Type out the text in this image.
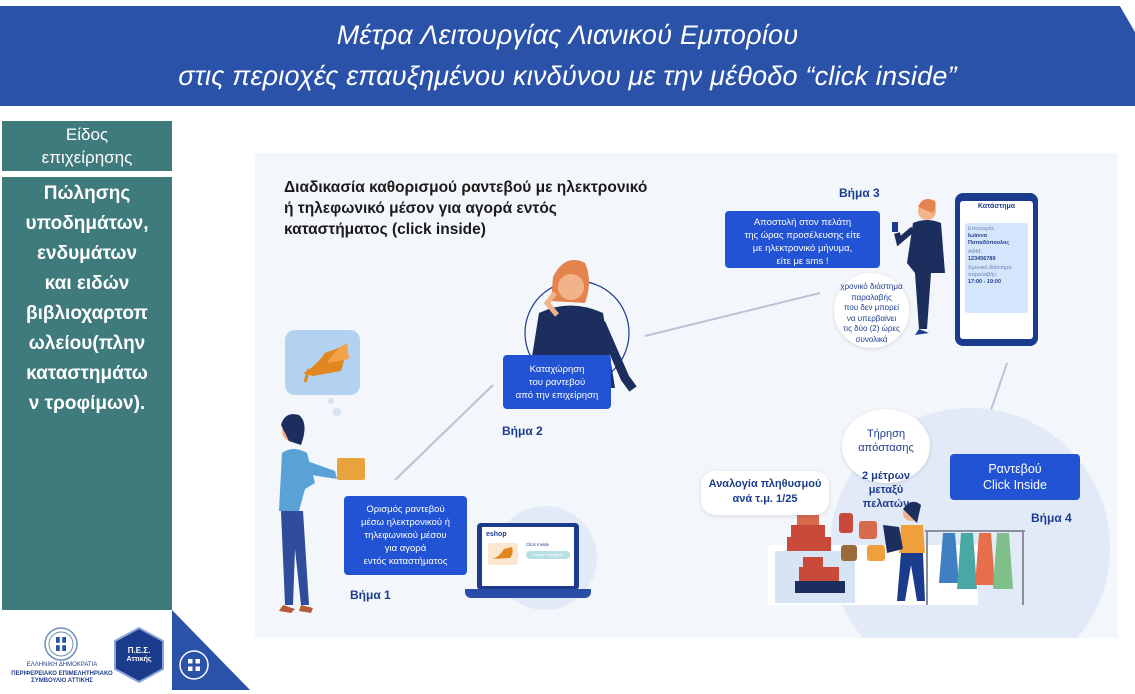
Μέτρα Λειτουργίας Λιανικού Εμπορίου
στις περιοχές επαυξημένου κινδύνου με την μέθοδο “click inside”
Είδος
επιχείρησης
Πώλησης
υποδημάτων,
ενδυμάτων
και ειδών
βιβλιοχαρτοπ
ωλείου(πλην
καταστημάτω
ν τροφίμων).
ΕΛΛΗΝΙΚΗ ΔΗΜΟΚΡΑΤΙΑ
ΠΕΡΙΦΕΡΕΙΑΚΟ ΕΠΙΜΕΛΗΤΗΡΙΑΚΟ
ΣΥΜΒΟΥΛΙΟ ΑΤΤΙΚΗΣ
Π.Ε.Σ.
Αττικής
Διαδικασία καθορισμού ραντεβού με ηλεκτρονικό
ή τηλεφωνικό μέσον για αγορά εντός
καταστήματος (click inside)
Ορισμός ραντεβού
μέσω ηλεκτρονικού ή
τηλεφωνικού μέσου
για αγορά
εντός καταστήματος
Βήμα 1
eshop
Click Inside
Κλείσε Ραντεβού
Καταχώρηση
του ραντεβού
από την επιχείρηση
Βήμα 2
Βήμα 3
Αποστολή στον πελάτη
της ώρας προσέλευσης είτε
με ηλεκτρονικό μήνυμα,
είτε με sms !
χρονικό διάστημα
παραλαβής
που δεν μπορεί
να υπερβαίνει
τις δύο (2) ώρες
συνολικά
Κατάστημα
Επωνυμία:
Ιωάννα Παπαδόπουλος
ΑΦΜ:
123456789
Χρονικό διάστημα παραλαβής:
17:00 - 19:00

Τήρηση
απόστασης

2 μέτρων
μεταξύ
πελατών

Ραντεβού
Click Inside
Βήμα 4
Αναλογία πληθυσμού
ανά τ.μ. 1/25
